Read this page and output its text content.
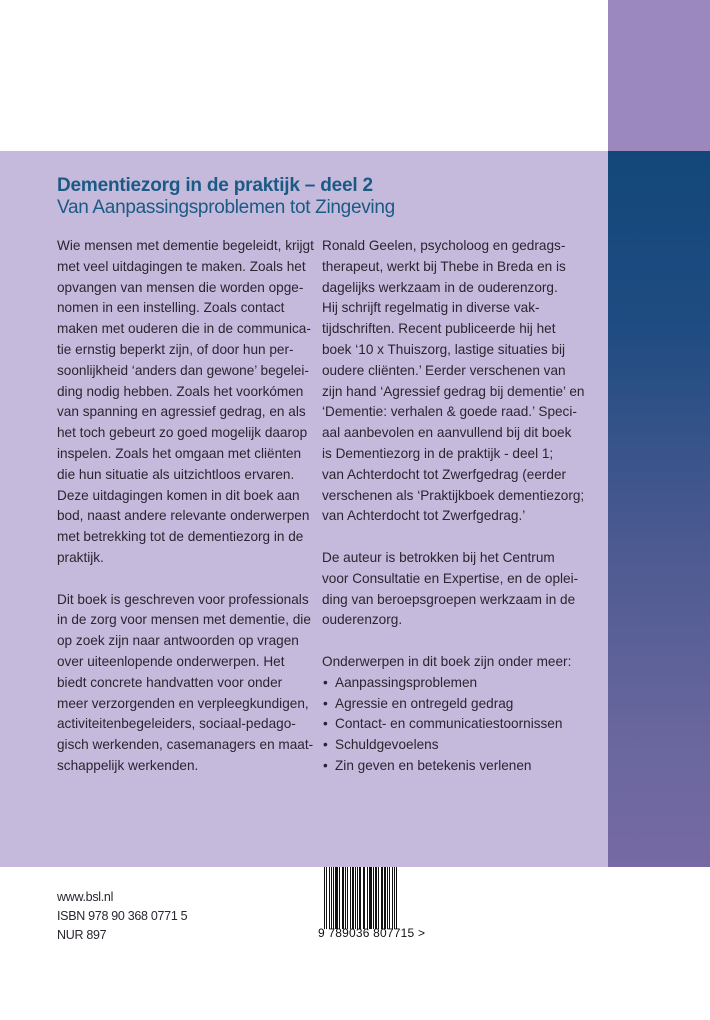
Dementiezorg in de praktijk – deel 2
Van Aanpassingsproblemen tot Zingeving
Wie mensen met dementie begeleidt, krijgt
met veel uitdagingen te maken. Zoals het
opvangen van mensen die worden opge-
nomen in een instelling. Zoals contact
maken met ouderen die in de communica-
tie ernstig beperkt zijn, of door hun per-
soonlijkheid ‘anders dan gewone’ begelei-
ding nodig hebben. Zoals het voorkómen
van spanning en agressief gedrag, en als
het toch gebeurt zo goed mogelijk daarop
inspelen. Zoals het omgaan met cliënten
die hun situatie als uitzichtloos ervaren.
Deze uitdagingen komen in dit boek aan
bod, naast andere relevante onderwerpen
met betrekking tot de dementiezorg in de
praktijk.
Dit boek is geschreven voor professionals
in de zorg voor mensen met dementie, die
op zoek zijn naar antwoorden op vragen
over uiteenlopende onderwerpen. Het
biedt concrete handvatten voor onder
meer verzorgenden en verpleegkundigen,
activiteitenbegeleiders, sociaal-pedago-
gisch werkenden, casemanagers en maat-
schappelijk werkenden.
Ronald Geelen, psycholoog en gedrags-
therapeut, werkt bij Thebe in Breda en is
dagelijks werkzaam in de ouderenzorg.
Hij schrijft regelmatig in diverse vak-
tijdschriften. Recent publiceerde hij het
boek ‘10 x Thuiszorg, lastige situaties bij
oudere cliënten.’ Eerder verschenen van
zijn hand ‘Agressief gedrag bij dementie’ en
‘Dementie: verhalen & goede raad.’ Speci-
aal aanbevolen en aanvullend bij dit boek
is Dementiezorg in de praktijk - deel 1;
van Achterdocht tot Zwerfgedrag (eerder
verschenen als ‘Praktijkboek dementiezorg;
van Achterdocht tot Zwerfgedrag.’
De auteur is betrokken bij het Centrum
voor Consultatie en Expertise, en de oplei-
ding van beroepsgroepen werkzaam in de
ouderenzorg.
Onderwerpen in dit boek zijn onder meer:
• Aanpassingsproblemen
• Agressie en ontregeld gedrag
• Contact- en communicatiestoornissen
• Schuldgevoelens
• Zin geven en betekenis verlenen
www.bsl.nl
ISBN 978 90 368 0771 5
NUR 897	9 789036 807715 >
